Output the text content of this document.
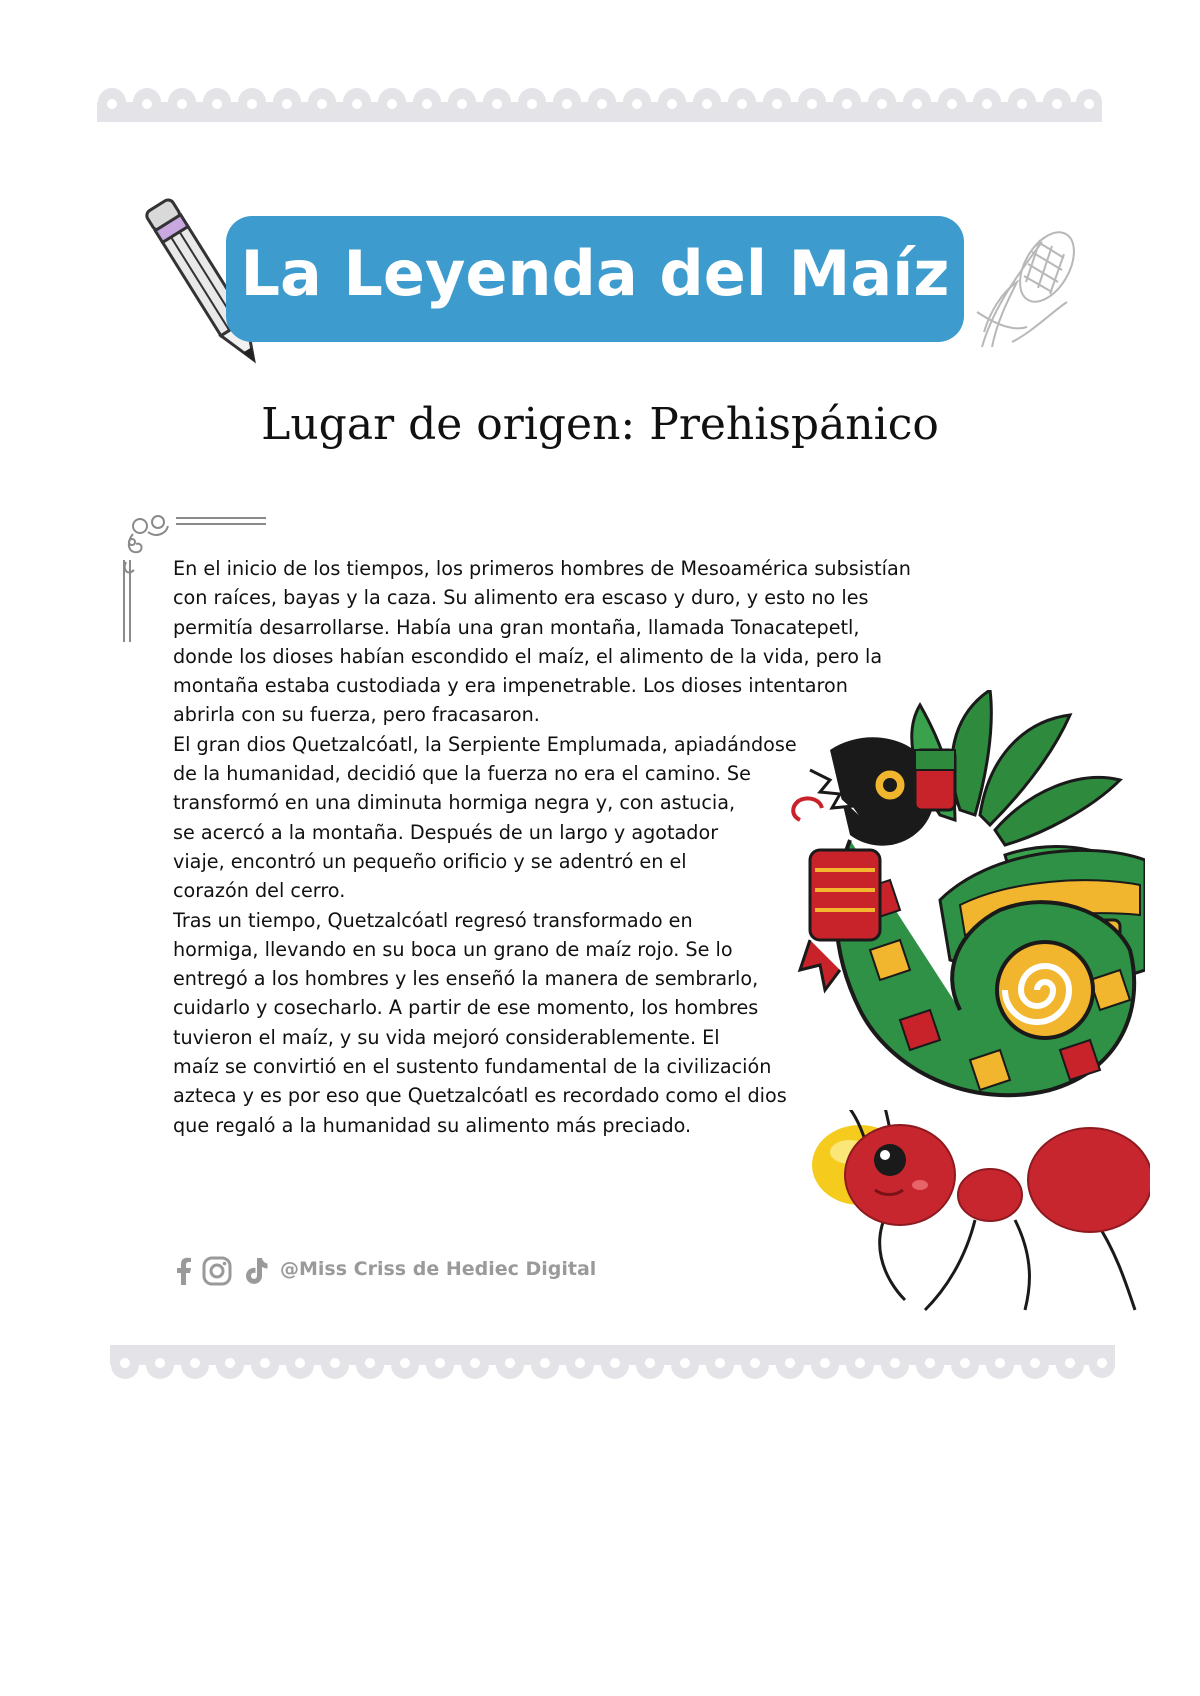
La Leyenda del Maíz
Lugar de origen: Prehispánico
En el inicio de los tiempos, los primeros hombres de Mesoamérica subsistían
con raíces, bayas y la caza. Su alimento era escaso y duro, y esto no les
permitía desarrollarse. Había una gran montaña, llamada Tonacatepetl,
donde los dioses habían escondido el maíz, el alimento de la vida, pero la
montaña estaba custodiada y era impenetrable. Los dioses intentaron
abrirla con su fuerza, pero fracasaron.
El gran dios Quetzalcóatl, la Serpiente Emplumada, apiadándose
de la humanidad, decidió que la fuerza no era el camino. Se
transformó en una diminuta hormiga negra y, con astucia,
se acercó a la montaña. Después de un largo y agotador
viaje, encontró un pequeño orificio y se adentró en el
corazón del cerro.
Tras un tiempo, Quetzalcóatl regresó transformado en
hormiga, llevando en su boca un grano de maíz rojo. Se lo
entregó a los hombres y les enseñó la manera de sembrarlo,
cuidarlo y cosecharlo. A partir de ese momento, los hombres
tuvieron el maíz, y su vida mejoró considerablemente. El
maíz se convirtió en el sustento fundamental de la civilización
azteca y es por eso que Quetzalcóatl es recordado como el dios
que regaló a la humanidad su alimento más preciado.
@Miss Criss de Hediec Digital
